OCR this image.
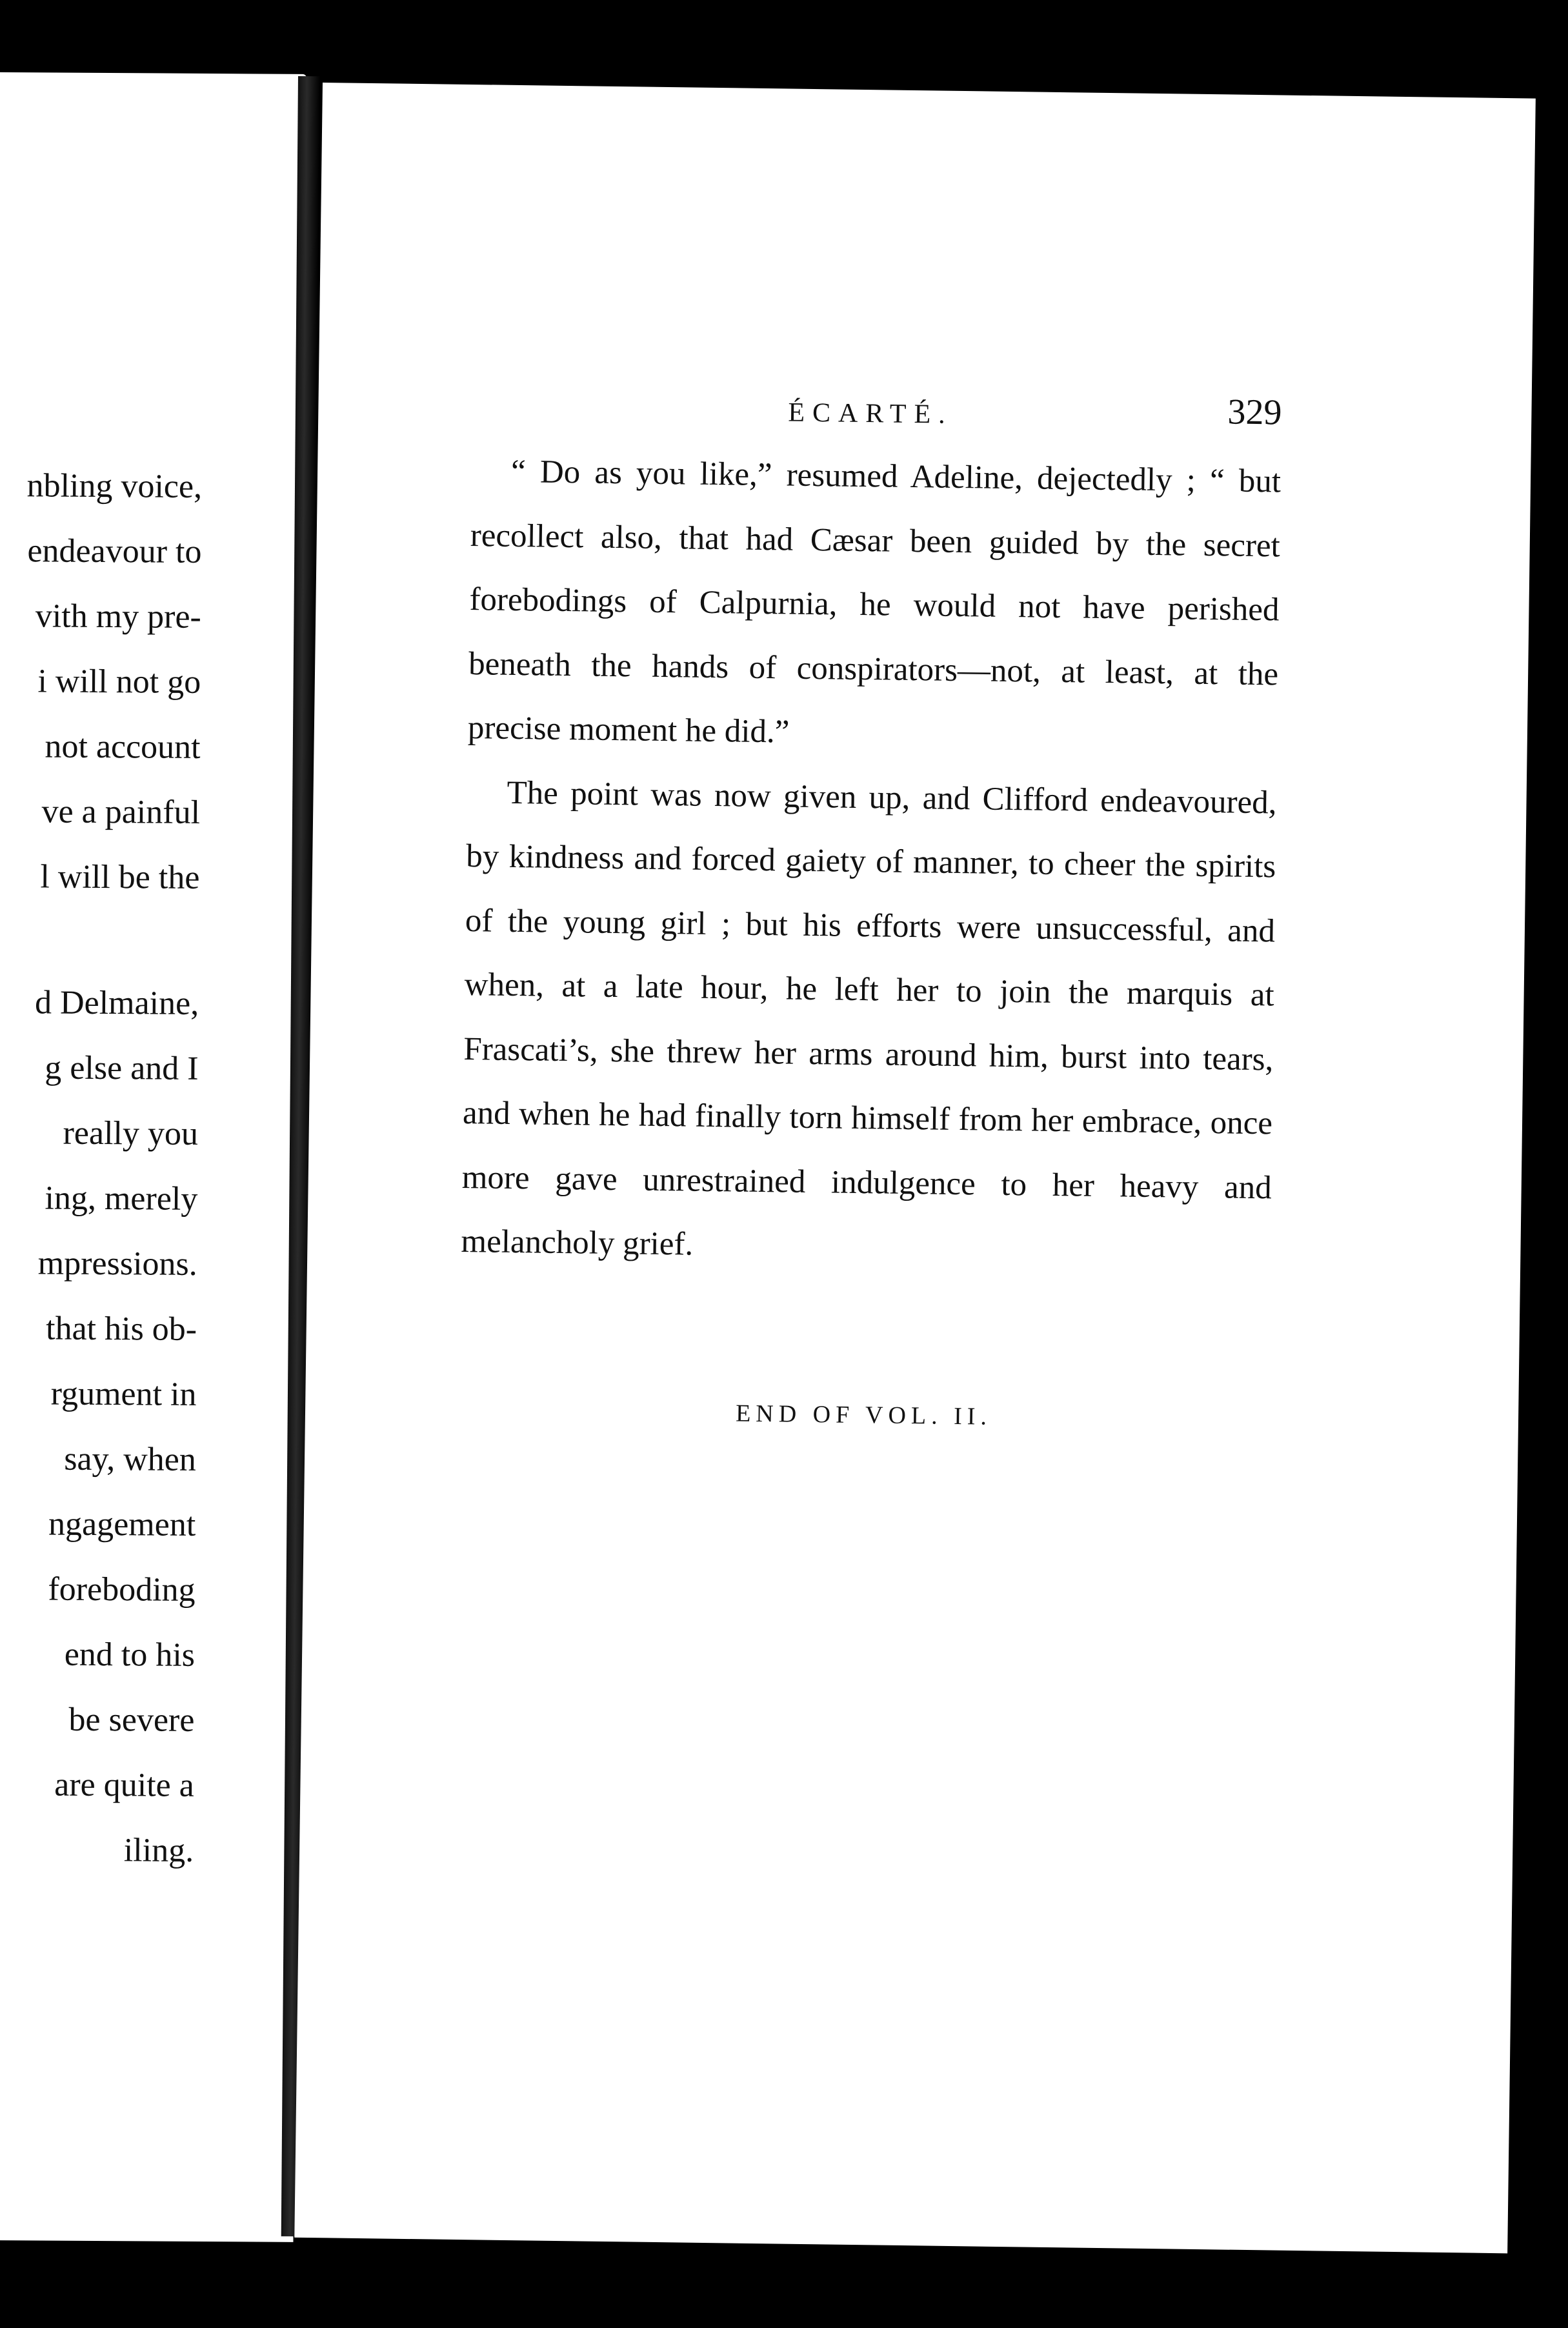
nbling voice,
endeavour to
vith my pre-
i will not go
not account
ve a painful
l will be the
d Delmaine,
g else and I
really you
ing, merely
mpressions.
that his ob-
rgument in
say, when
ngagement
foreboding
end to his
be severe
are quite a
iling.
ÉCARTÉ.	329

“ Do as you like,” resumed Adeline, dejectedly ; “ but recollect also, that had Cæsar been guided by the secret forebodings of Calpurnia, he would not have perished beneath the hands of conspirators—not, at least, at the precise moment he did.”

The point was now given up, and Clifford endeavoured, by kindness and forced gaiety of manner, to cheer the spirits of the young girl ; but his efforts were unsuccessful, and when, at a late hour, he left her to join the marquis at Frascati’s, she threw her arms around him, burst into tears, and when he had finally torn himself from her embrace, once more gave unrestrained indulgence to her heavy and melancholy grief.

END OF VOL. II.
